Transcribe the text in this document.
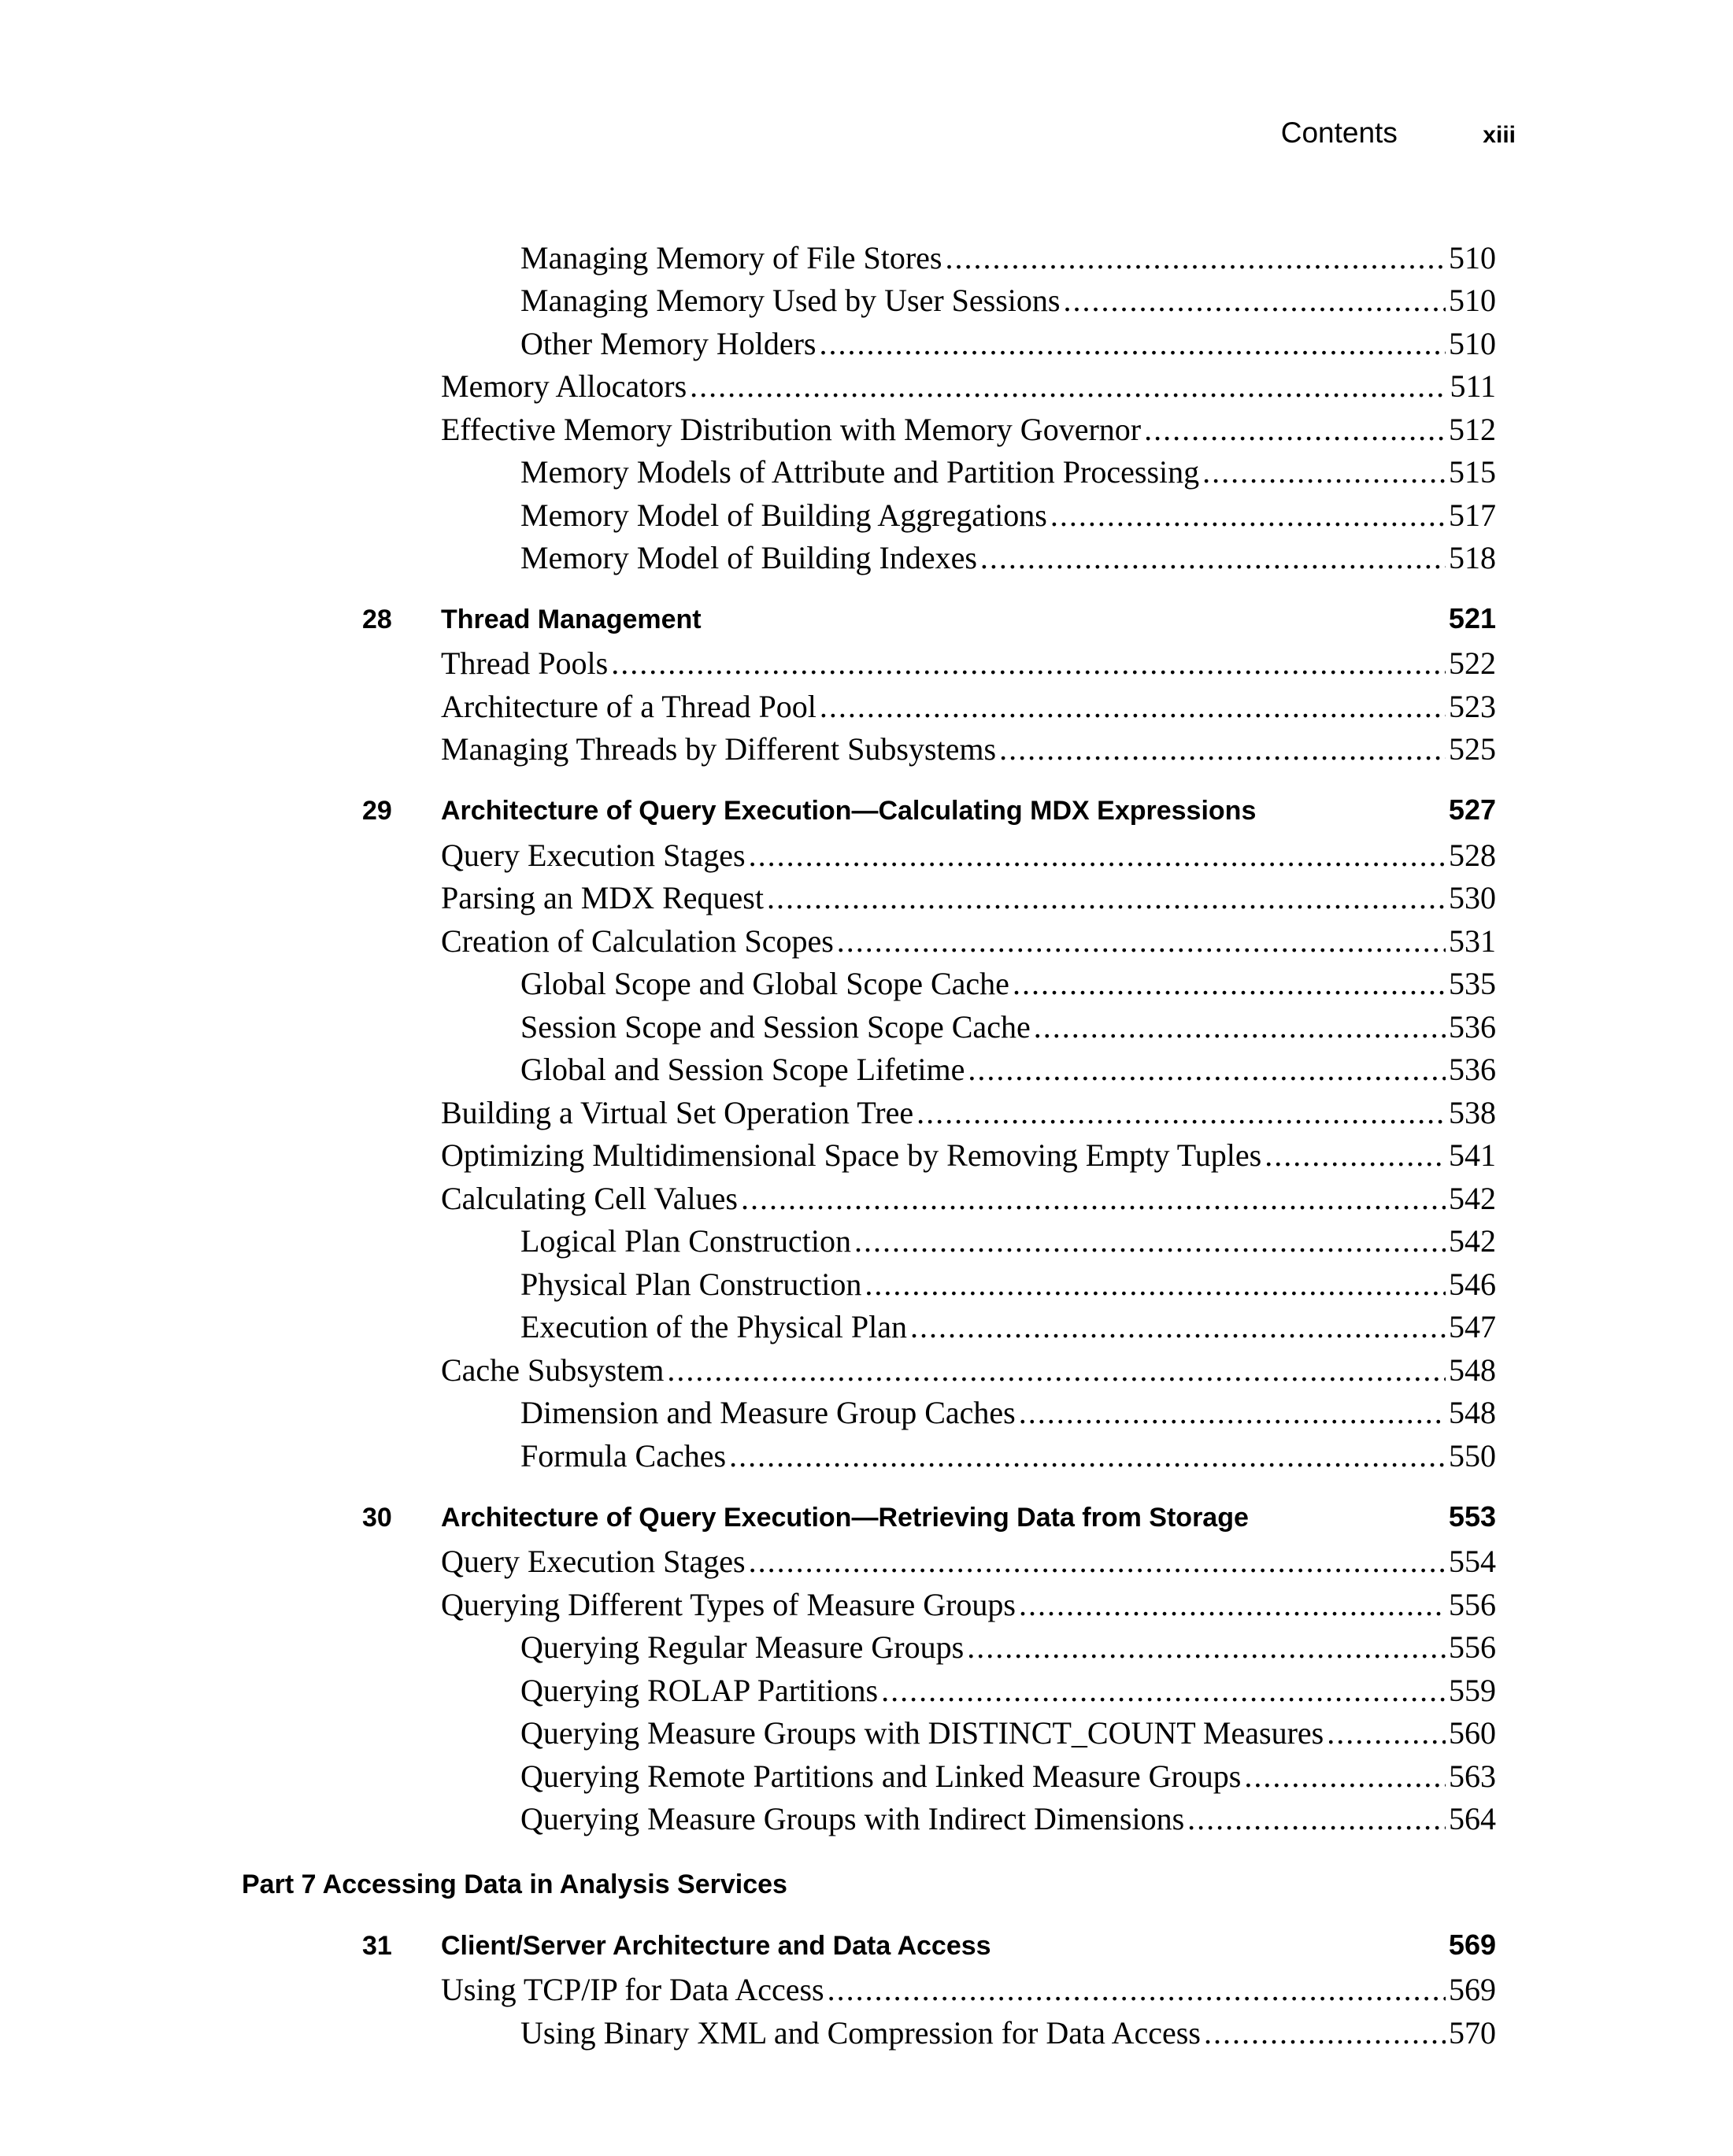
Contents	xiii
Managing Memory of File Stores .....	510
Managing Memory Used by User Sessions .....	510
Other Memory Holders .....	510
Memory Allocators .....	511
Effective Memory Distribution with Memory Governor .....	512
Memory Models of Attribute and Partition Processing .....	515
Memory Model of Building Aggregations .....	517
Memory Model of Building Indexes .....	518
28	Thread Management	521
Thread Pools .....	522
Architecture of a Thread Pool .....	523
Managing Threads by Different Subsystems .....	525
29	Architecture of Query Execution—Calculating MDX Expressions	527
Query Execution Stages .....	528
Parsing an MDX Request .....	530
Creation of Calculation Scopes .....	531
Global Scope and Global Scope Cache .....	535
Session Scope and Session Scope Cache .....	536
Global and Session Scope Lifetime .....	536
Building a Virtual Set Operation Tree .....	538
Optimizing Multidimensional Space by Removing Empty Tuples .....	541
Calculating Cell Values .....	542
Logical Plan Construction .....	542
Physical Plan Construction .....	546
Execution of the Physical Plan .....	547
Cache Subsystem .....	548
Dimension and Measure Group Caches .....	548
Formula Caches .....	550
30	Architecture of Query Execution—Retrieving Data from Storage	553
Query Execution Stages .....	554
Querying Different Types of Measure Groups .....	556
Querying Regular Measure Groups .....	556
Querying ROLAP Partitions .....	559
Querying Measure Groups with DISTINCT_COUNT Measures .....	560
Querying Remote Partitions and Linked Measure Groups .....	563
Querying Measure Groups with Indirect Dimensions .....	564
Part 7 Accessing Data in Analysis Services
31	Client/Server Architecture and Data Access	569
Using TCP/IP for Data Access .....	569
Using Binary XML and Compression for Data Access .....	570
